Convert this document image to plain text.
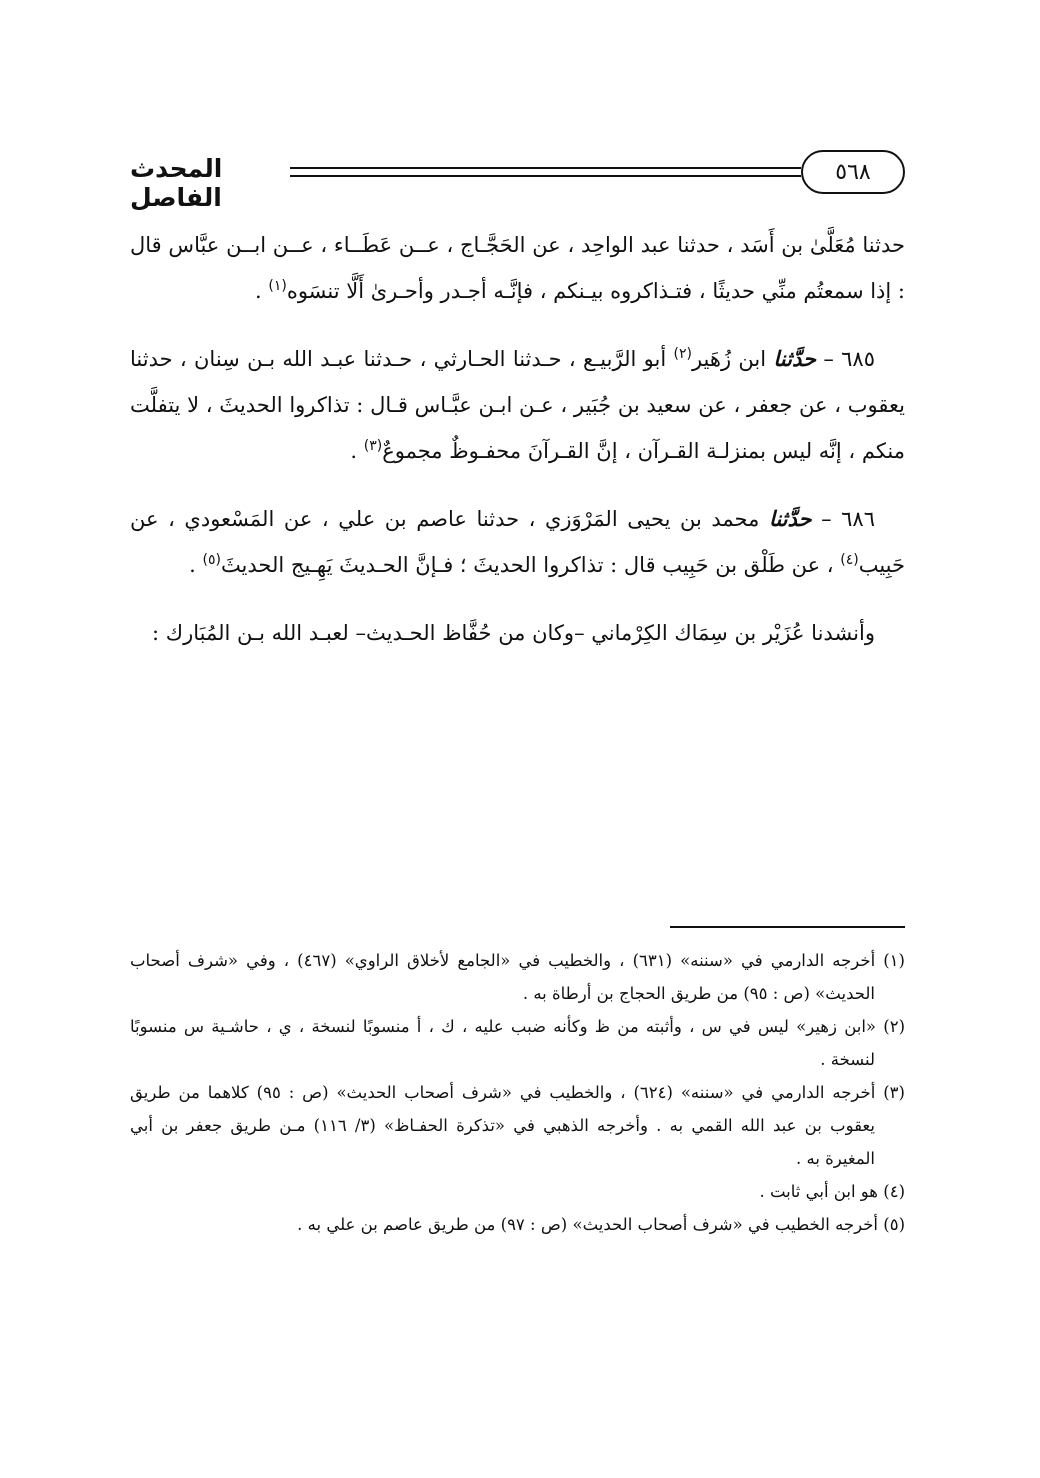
٥٦٨
المحدث الفاصل

حدثنا مُعَلَّىٰ بن أَسَد ، حدثنا عبد الواحِد ، عن الحَجَّـاج ، عــن عَطَــاء ، عــن ابــن عبَّاس قال : إذا سمعتُم منِّي حديثًا ، فتـذاكروه بيـنكم ، فإنَّـه أجـدر وأحـرىٰ أَلَّا تنسَوه$^{(١)}$ .

٦٨٥ – حدَّثنا ابن زُهَير$^{(٢)}$ أبو الرَّبيـع ، حـدثنا الحـارثي ، حـدثنا عبـد الله بـن سِنان ، حدثنا يعقوب ، عن جعفر ، عن سعيد بن جُبَير ، عـن ابـن عبَّـاس قـال : تذاكروا الحديثَ ، لا يتفلَّت منكم ، إنَّه ليس بمنزلـة القـرآن ، إنَّ القـرآنَ محفـوظٌ مجموعٌ$^{(٣)}$ .

٦٨٦ – حدَّثنا محمد بن يحيى المَرْوَزي ، حدثنا عاصم بن علي ، عن المَسْعودي ، عن حَبِيب$^{(٤)}$ ، عن طَلْق بن حَبِيب قال : تذاكروا الحديثَ ؛ فـإنَّ الحـديثَ يَهِـيج الحديثَ$^{(٥)}$ .

وأنشدنا عُزَيْر بن سِمَاك الكِرْماني –وكان من حُفَّاظ الحـديث– لعبـد الله بـن المُبَارك :

(١) أخرجه الدارمي في «سننه» (٦٣١) ، والخطيب في «الجامع لأخلاق الراوي» (٤٦٧) ، وفي «شرف أصحاب الحديث» (ص : ٩٥) من طريق الحجاج بن أرطاة به .

(٢) «ابن زهير» ليس في س ، وأثبته من ظ وكأنه ضبب عليه ، ك ، أ منسوبًا لنسخة ، ي ، حاشـية س منسوبًا لنسخة .

(٣) أخرجه الدارمي في «سننه» (٦٢٤) ، والخطيب في «شرف أصحاب الحديث» (ص : ٩٥) كلاهما من طريق يعقوب بن عبد الله القمي به . وأخرجه الذهبي في «تذكرة الحفـاظ» (٣/ ١١٦) مـن طريق جعفر بن أبي المغيرة به .

(٤) هو ابن أبي ثابت .

(٥) أخرجه الخطيب في «شرف أصحاب الحديث» (ص : ٩٧) من طريق عاصم بن علي به .
